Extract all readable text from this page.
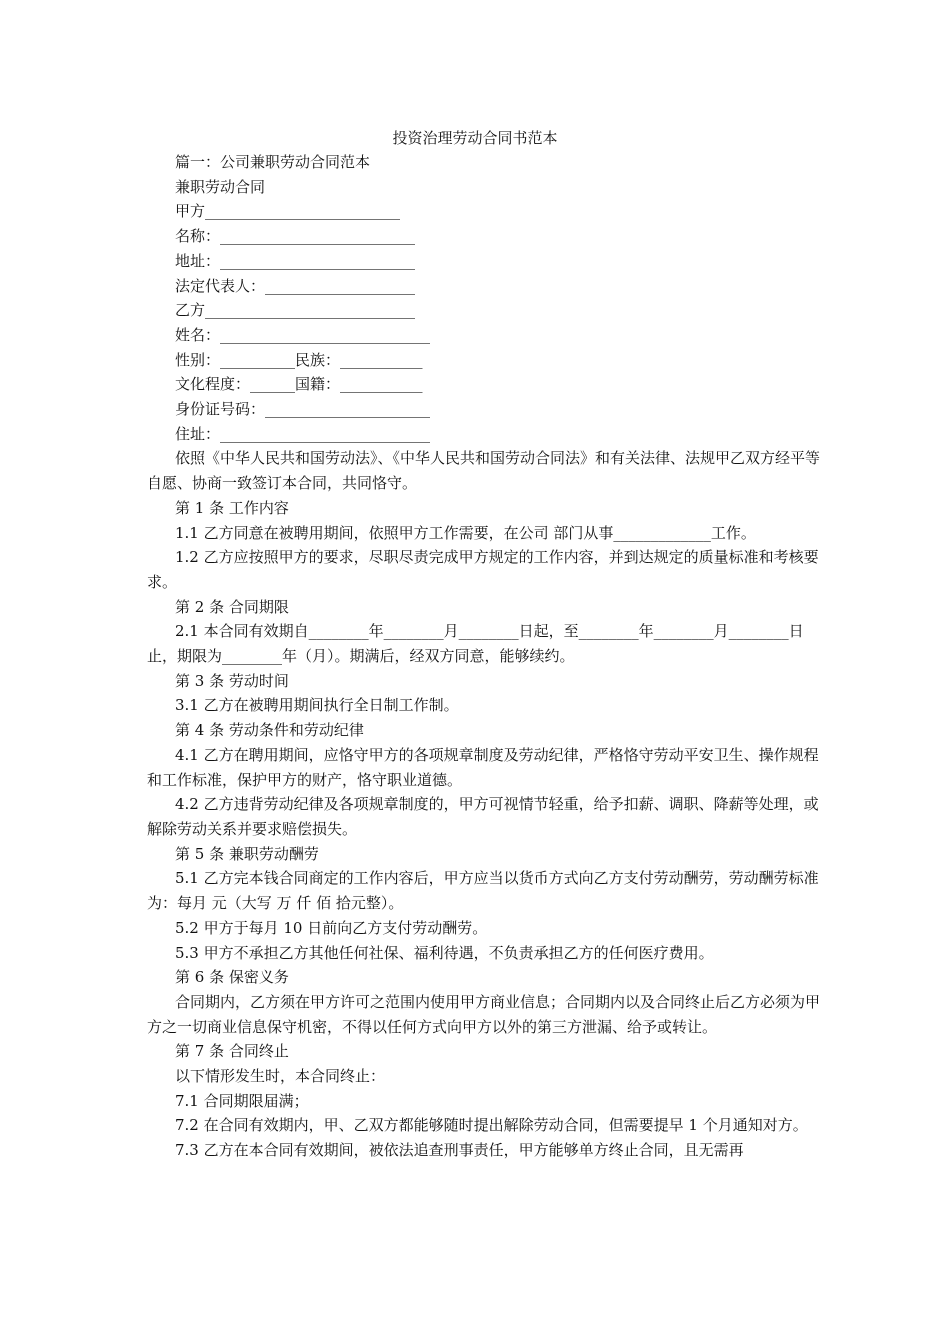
投资治理劳动合同书范本
篇一：公司兼职劳动合同范本
兼职劳动合同
甲方__________________________
名称：__________________________
地址：__________________________
法定代表人：____________________
乙方____________________________
姓名：____________________________
性别：__________民族：___________
文化程度：______国籍：___________
身份证号码：______________________
住址：____________________________
依照《中华人民共和国劳动法》、《中华人民共和国劳动合同法》和有关法律、法规甲乙双方经平等自愿、协商一致签订本合同，共同恪守。
第 1 条 工作内容
1.1 乙方同意在被聘用期间，依照甲方工作需要，在公司 部门从事_____________工作。
1.2 乙方应按照甲方的要求，尽职尽责完成甲方规定的工作内容，并到达规定的质量标准和考核要求。
第 2 条 合同期限
2.1 本合同有效期自________年________月________日起，至________年________月________日止，期限为________年（月）。期满后，经双方同意，能够续约。
第 3 条 劳动时间
3.1 乙方在被聘用期间执行全日制工作制。
第 4 条 劳动条件和劳动纪律
4.1 乙方在聘用期间，应恪守甲方的各项规章制度及劳动纪律，严格恪守劳动平安卫生、操作规程和工作标准，保护甲方的财产，恪守职业道德。
4.2 乙方违背劳动纪律及各项规章制度的，甲方可视情节轻重，给予扣薪、调职、降薪等处理，或解除劳动关系并要求赔偿损失。
第 5 条 兼职劳动酬劳
5.1 乙方完本钱合同商定的工作内容后，甲方应当以货币方式向乙方支付劳动酬劳，劳动酬劳标准为：每月 元（大写 万 仟 佰 拾元整）。
5.2 甲方于每月 10 日前向乙方支付劳动酬劳。
5.3 甲方不承担乙方其他任何社保、福利待遇，不负责承担乙方的任何医疗费用。
第 6 条 保密义务
合同期内，乙方须在甲方许可之范围内使用甲方商业信息；合同期内以及合同终止后乙方必须为甲方之一切商业信息保守机密，不得以任何方式向甲方以外的第三方泄漏、给予或转让。
第 7 条 合同终止
以下情形发生时，本合同终止：
7.1 合同期限届满；
7.2 在合同有效期内，甲、乙双方都能够随时提出解除劳动合同，但需要提早 1 个月通知对方。
7.3 乙方在本合同有效期间，被依法追查刑事责任，甲方能够单方终止合同，且无需再
